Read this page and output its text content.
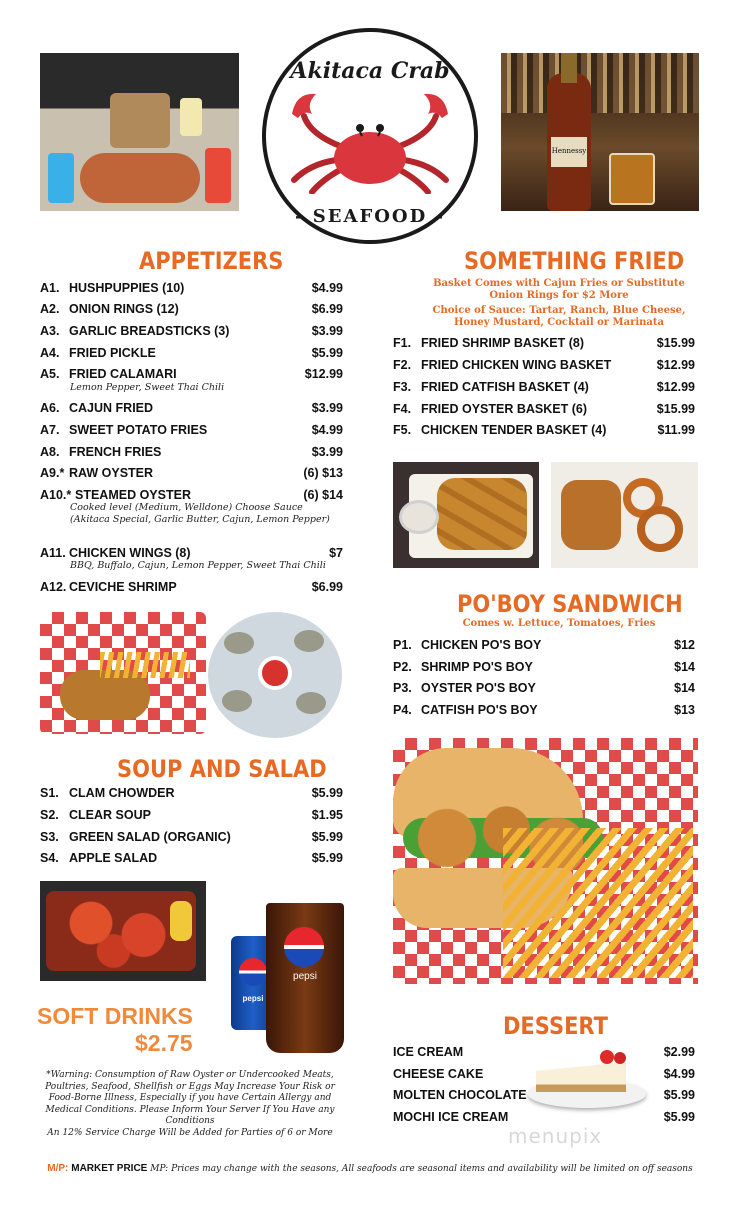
Akitaca Crab
- SEAFOOD -
Hennessy
APPETIZERS
A1. HUSHPUPPIES (10)	$4.99
A2. ONION RINGS (12)	$6.99
A3. GARLIC BREADSTICKS (3)	$3.99
A4. FRIED PICKLE	$5.99
A5. FRIED CALAMARI	$12.99
Lemon Pepper, Sweet Thai Chili
A6. CAJUN FRIED	$3.99
A7. SWEET POTATO FRIES	$4.99
A8. FRENCH FRIES	$3.99
A9.* RAW OYSTER	(6) $13
A10.* STEAMED OYSTER	(6) $14
Cooked level (Medium, Welldone) Choose Sauce (Akitaca Special, Garlic Butter, Cajun, Lemon Pepper)
A11. CHICKEN WINGS (8)	$7
BBQ, Buffalo, Cajun, Lemon Pepper, Sweet Thai Chili
A12. CEVICHE SHRIMP	$6.99
SOUP AND SALAD
S1. CLAM CHOWDER	$5.99
S2. CLEAR SOUP	$1.95
S3. GREEN SALAD (ORGANIC)	$5.99
S4. APPLE SALAD	$5.99
pepsi
pepsi
SOFT DRINKS
$2.75
*Warning: Consumption of Raw Oyster or Undercooked Meats, Poultries, Seafood, Shellfish or Eggs May Increase Your Risk or Food-Borne Illness, Especially if you have Certain Allergy and Medical Conditions. Please Inform Your Server If You Have any Conditions
An 12% Service Charge Will be Added for Parties of 6 or More
SOMETHING FRIED
Basket Comes with Cajun Fries or Substitute Onion Rings for $2 More
Choice of Sauce: Tartar, Ranch, Blue Cheese, Honey Mustard, Cocktail or Marinata
F1. FRIED SHRIMP BASKET (8)	$15.99
F2. FRIED CHICKEN WING BASKET	$12.99
F3. FRIED CATFISH BASKET (4)	$12.99
F4. FRIED OYSTER BASKET (6)	$15.99
F5. CHICKEN TENDER BASKET (4)	$11.99
PO'BOY SANDWICH
Comes w. Lettuce, Tomatoes, Fries
P1. CHICKEN PO'S BOY	$12
P2. SHRIMP PO'S BOY	$14
P3. OYSTER PO'S BOY	$14
P4. CATFISH PO'S BOY	$13
DESSERT
ICE CREAM	$2.99
CHEESE CAKE	$4.99
MOLTEN CHOCOLATE	$5.99
MOCHI ICE CREAM	$5.99
menupix
M/P: MARKET PRICE MP: Prices may change with the seasons, All seafoods are seasonal items and availability will be limited on off seasons
